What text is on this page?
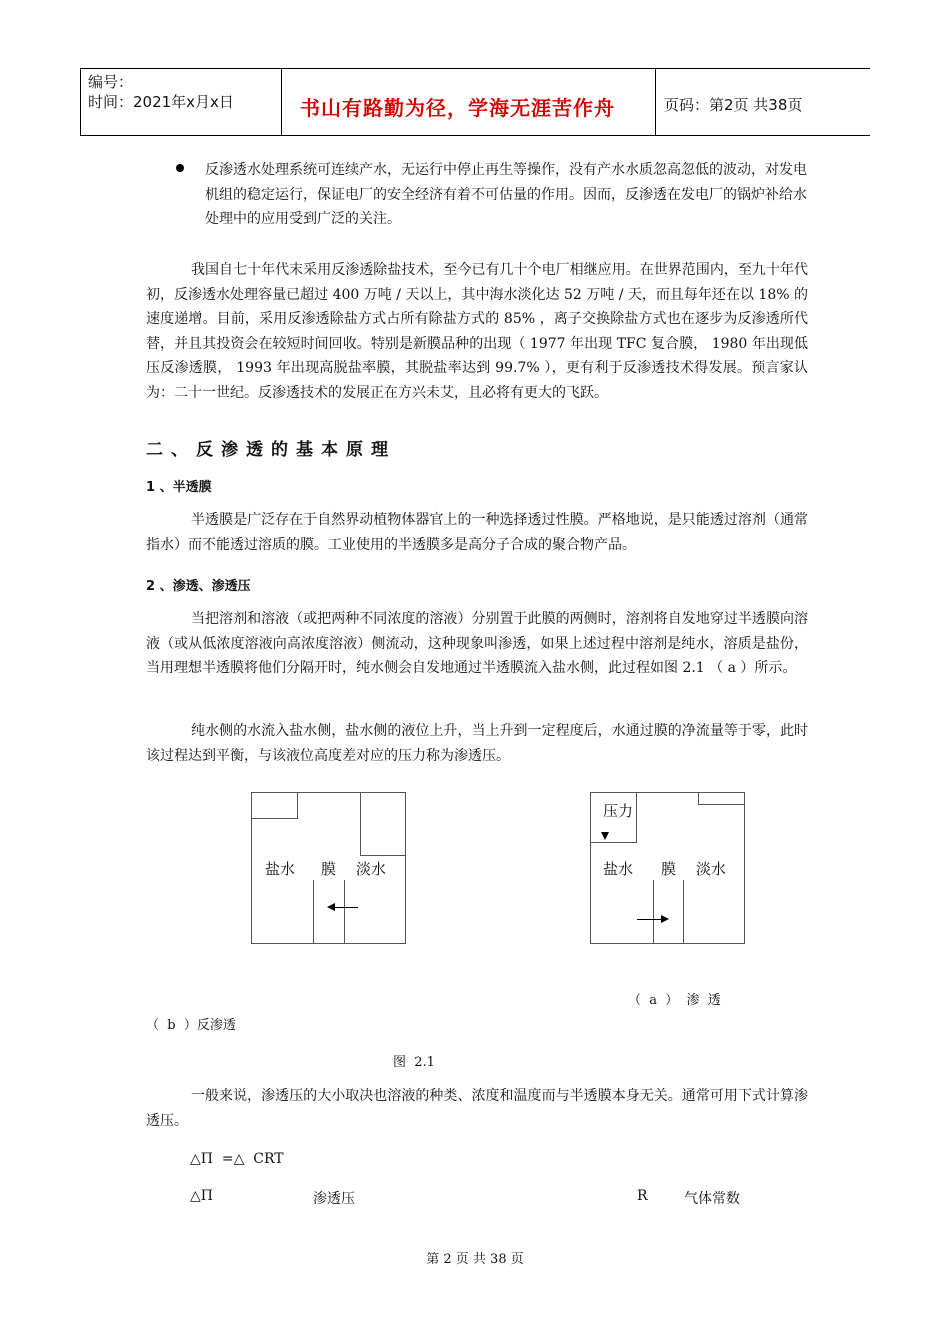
编号：
时间：2021年x月x日	书山有路勤为径，学海无涯苦作舟	页码：第2页 共38页
反渗透水处理系统可连续产水，无运行中停止再生等操作，没有产水水质忽高忽低的波动，对发电机组的稳定运行，保证电厂的安全经济有着不可估量的作用。因而，反渗透在发电厂的锅炉补给水处理中的应用受到广泛的关注。
我国自七十年代末采用反渗透除盐技术，至今已有几十个电厂相继应用。在世界范围内，至九十年代初，反渗透水处理容量已超过 400 万吨 / 天以上，其中海水淡化达 52 万吨 / 天，而且每年还在以 18% 的速度递增。目前，采用反渗透除盐方式占所有除盐方式的 85% ，离子交换除盐方式也在逐步为反渗透所代替，并且其投资会在较短时间回收。特别是新膜品种的出现（ 1977 年出现 TFC 复合膜， 1980 年出现低压反渗透膜， 1993 年出现高脱盐率膜，其脱盐率达到 99.7% ），更有利于反渗透技术得发展。预言家认为：二十一世纪。反渗透技术的发展正在方兴未艾，且必将有更大的飞跃。
二、反渗透的基本原理
1 、半透膜
半透膜是广泛存在于自然界动植物体器官上的一种选择透过性膜。严格地说，是只能透过溶剂（通常指水）而不能透过溶质的膜。工业使用的半透膜多是高分子合成的聚合物产品。
2 、渗透、渗透压
当把溶剂和溶液（或把两种不同浓度的溶液）分别置于此膜的两侧时，溶剂将自发地穿过半透膜向溶液（或从低浓度溶液向高浓度溶液）侧流动，这种现象叫渗透，如果上述过程中溶剂是纯水，溶质是盐份，当用理想半透膜将他们分隔开时，纯水侧会自发地通过半透膜流入盐水侧，此过程如图 2.1 （ a ）所示。
纯水侧的水流入盐水侧，盐水侧的液位上升，当上升到一定程度后，水通过膜的净流量等于零，此时该过程达到平衡，与该液位高度差对应的压力称为渗透压。
盐水 膜 淡水
压力
盐水 膜 淡水
（  a  ）  渗  透
（  b  ）反渗透
图  2.1
一般来说，渗透压的大小取决也溶液的种类、浓度和温度而与半透膜本身无关。通常可用下式计算渗透压。
△Π  =△  CRT
△Π	渗透压	R	气体常数
第 2 页 共 38 页
